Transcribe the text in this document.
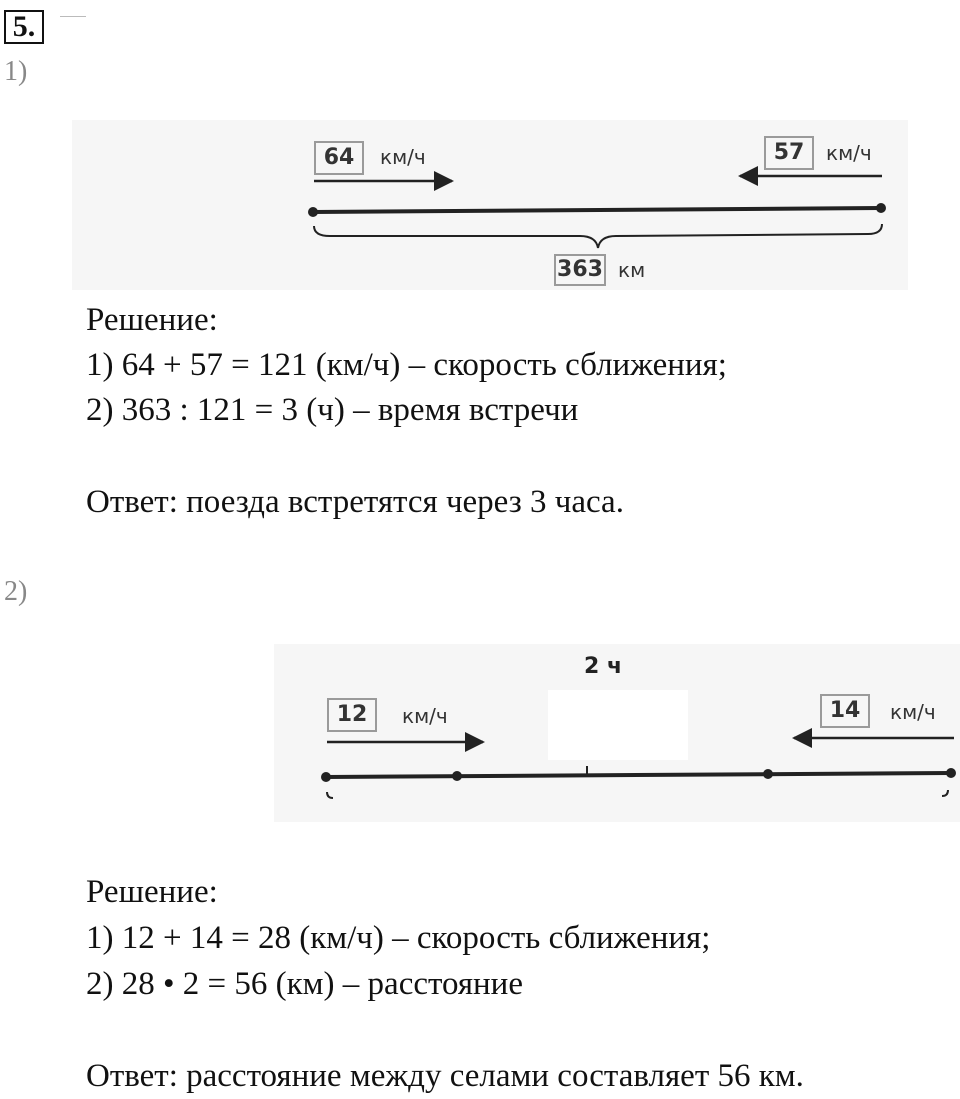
5.
1)
64	км/ч	57	км/ч
363 км
Решение:
1) 64 + 57 = 121 (км/ч) – скорость сближения;
2) 363 : 121 = 3 (ч) – время встречи
Ответ: поезда встретятся через 3 часа.
2)
2 ч
12	км/ч	14	км/ч
Решение:
1) 12 + 14 = 28 (км/ч) – скорость сближения;
2) 28 • 2 = 56 (км) – расстояние
Ответ: расстояние между селами составляет 56 км.
